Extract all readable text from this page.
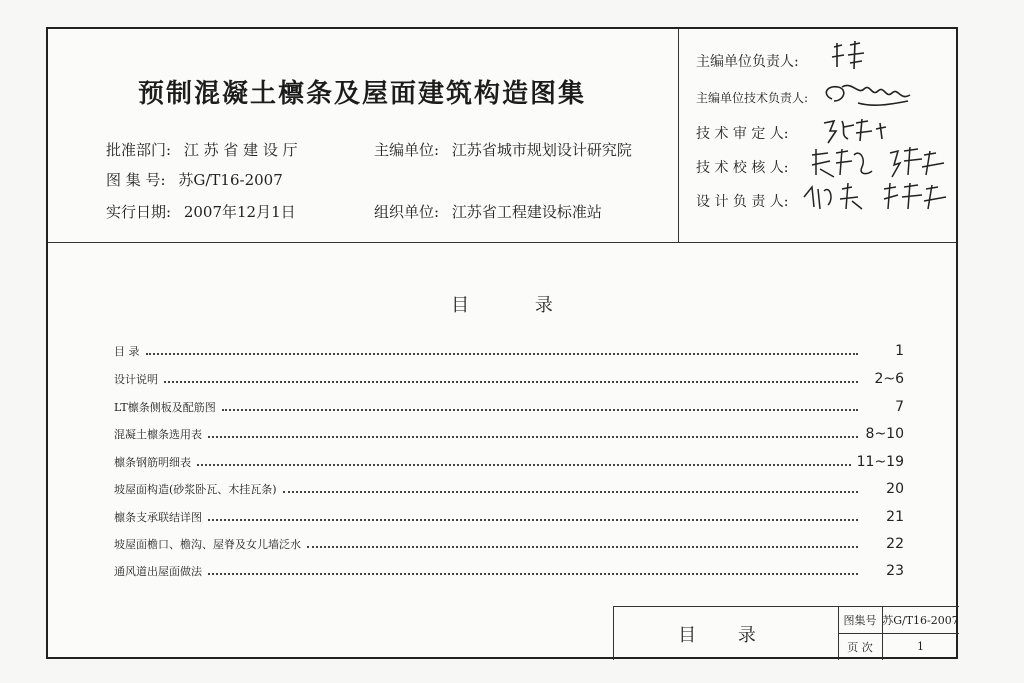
预制混凝土檩条及屋面建筑构造图集
批准部门: 江 苏 省 建 设 厅
图 集 号: 苏G/T16-2007
实行日期: 2007年12月1日
主编单位: 江苏省城市规划设计研究院
组织单位: 江苏省工程建设标准站
主编单位负责人:
主编单位技术负责人:
技 术 审 定 人:
技 术 校 核 人:
设 计 负 责 人:
目 录
目 录	1
设计说明	2~6
LT檩条侧板及配筋图	7
混凝土檩条选用表	8~10
檩条钢筋明细表	11~19
坡屋面构造(砂浆卧瓦、木挂瓦条)	20
檩条支承联结详图	21
坡屋面檐口、檐沟、屋脊及女儿墙泛水	22
通风道出屋面做法	23
目 录
图集号 苏G/T16-2007
页 次	1
